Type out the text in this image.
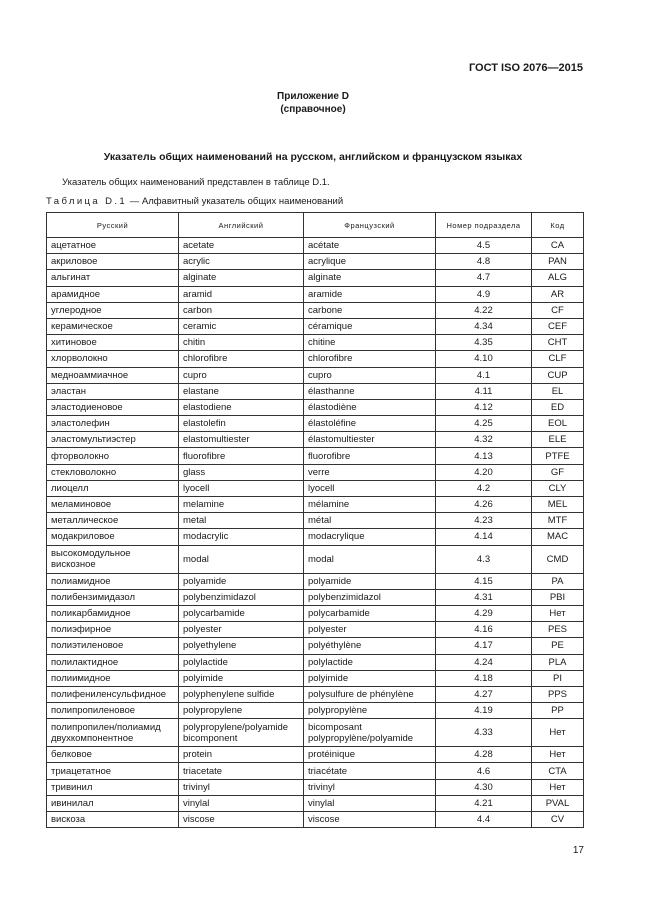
ГОСТ ISO 2076—2015
Приложение D
(справочное)
Указатель общих наименований на русском, английском и французском языках
Указатель общих наименований представлен в таблице D.1.
Таблица D.1 — Алфавитный указатель общих наименований
Русский	Английский	Французский	Номер подраздела	Код
ацетатное	acetate	acétate	4.5	CA
акриловое	acrylic	acrylique	4.8	PAN
альгинат	alginate	alginate	4.7	ALG
арамидное	aramid	aramide	4.9	AR
углеродное	carbon	carbone	4.22	CF
керамическое	ceramic	céramique	4.34	CEF
хитиновое	chitin	chitine	4.35	CHT
хлорволокно	chlorofibre	chlorofibre	4.10	CLF
медноаммиачное	cupro	cupro	4.1	CUP
эластан	elastane	élasthanne	4.11	EL
эластодиеновое	elastodiene	élastodiène	4.12	ED
эластолефин	elastolefin	élastoléfine	4.25	EOL
эластомультиэстер	elastomultiester	élastomultiester	4.32	ELE
фторволокно	fluorofibre	fluorofibre	4.13	PTFE
стекловолокно	glass	verre	4.20	GF
лиоцелл	lyocell	lyocell	4.2	CLY
меламиновое	melamine	mélamine	4.26	MEL
металлическое	metal	métal	4.23	MTF
модакриловое	modacrylic	modacrylique	4.14	MAC
высокомодульное вискозное	modal	modal	4.3	CMD
полиамидное	polyamide	polyamide	4.15	PA
полибензимидазол	polybenzimidazol	polybenzimidazol	4.31	PBI
поликарбамидное	polycarbamide	polycarbamide	4.29	Нет
полиэфирное	polyester	polyester	4.16	PES
полиэтиленовое	polyethylene	polyéthylène	4.17	PE
полилактидное	polylactide	polylactide	4.24	PLA
полиимидное	polyimide	polyimide	4.18	PI
полифениленсульфидное	polyphenylene sulfide	polysulfure de phénylène	4.27	PPS
полипропиленовое	polypropylene	polypropylène	4.19	PP
полипропилен/полиамид двухкомпонентное	polypropylene/polyamide bicomponent	bicomposant polypropylène/polyamide	4.33	Нет
белковое	protein	protéinique	4.28	Нет
триацетатное	triacetate	triacétate	4.6	CTA
тривинил	trivinyl	trivinyl	4.30	Нет
ивинилал	vinylal	vinylal	4.21	PVAL
вискоза	viscose	viscose	4.4	CV
17
